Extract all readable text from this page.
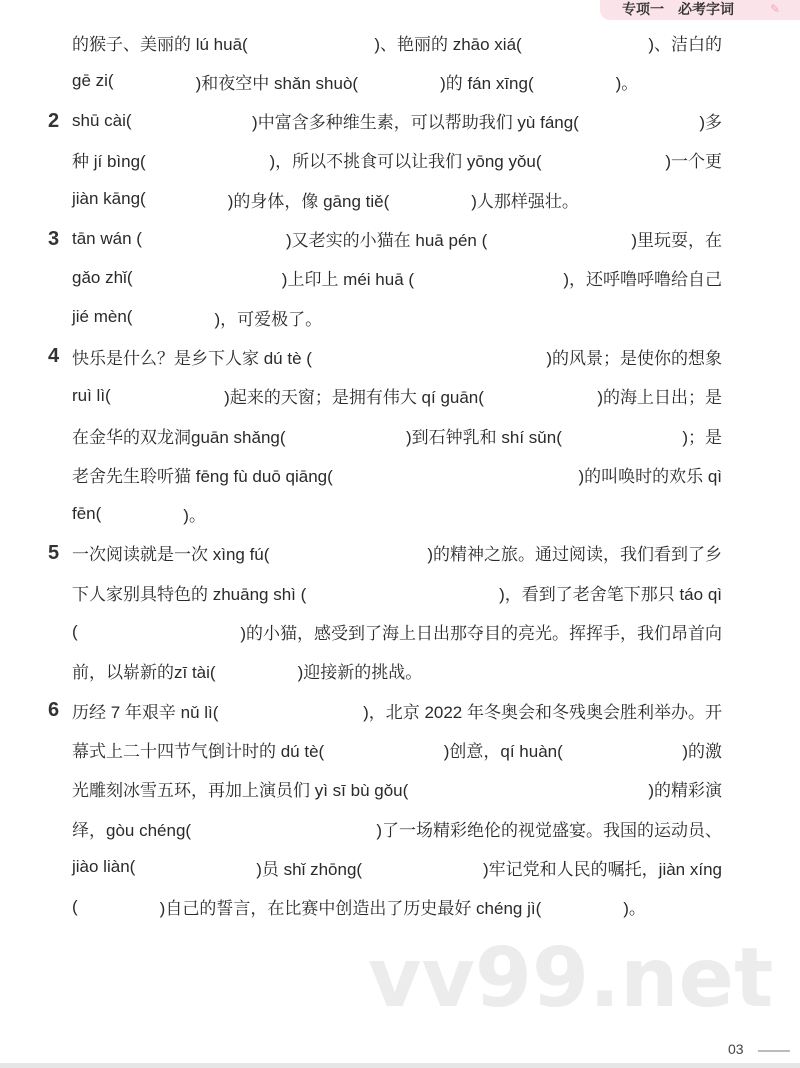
专项一　必考字词	✎
的猴子、美丽的 lú huā(	)、艳丽的 zhāo xiá(	)、洁白的
gē zi(	)和夜空中 shǎn shuò(	)的 fán xīng(	)。
2 shū cài(	)中富含多种维生素，可以帮助我们 yù fáng(	)多
种 jí bìng(	)，所以不挑食可以让我们 yōng yǒu(	)一个更
jiàn kāng(	)的身体，像 gāng tiě(	)人那样强壮。
3 tān wán (	)又老实的小猫在 huā pén (	)里玩耍，在
gǎo zhǐ(	)上印上 méi huā (	)，还呼噜呼噜给自己
jié mèn(	)，可爱极了。
4 快乐是什么？是乡下人家 dú tè (	)的风景；是使你的想象
ruì lì(	)起来的天窗；是拥有伟大 qí guān(	)的海上日出；是
在金华的双龙洞guān shǎng(	)到石钟乳和 shí sǔn(	)；是
老舍先生聆听猫 fēng fù duō qiāng(	)的叫唤时的欢乐 qì
fēn(	)。
5 一次阅读就是一次 xìng fú(	)的精神之旅。通过阅读，我们看到了乡
下人家别具特色的 zhuāng shì (	)，看到了老舍笔下那只 táo qì
(	)的小猫，感受到了海上日出那夺目的亮光。挥挥手，我们昂首向
前，以崭新的zī tài(	)迎接新的挑战。
6 历经 7 年艰辛 nǔ lì(	)，北京 2022 年冬奥会和冬残奥会胜利举办。开
幕式上二十四节气倒计时的 dú tè(	)创意，qí huàn(	)的激
光雕刻冰雪五环，再加上演员们 yì sī bù gǒu(	)的精彩演
绎，gòu chéng(	)了一场精彩绝伦的视觉盛宴。我国的运动员、
jiào liàn(	)员 shǐ zhōng(	)牢记党和人民的嘱托，jiàn xíng
(	)自己的誓言，在比赛中创造出了历史最好 chéng jì(	)。
vv99.net
03
